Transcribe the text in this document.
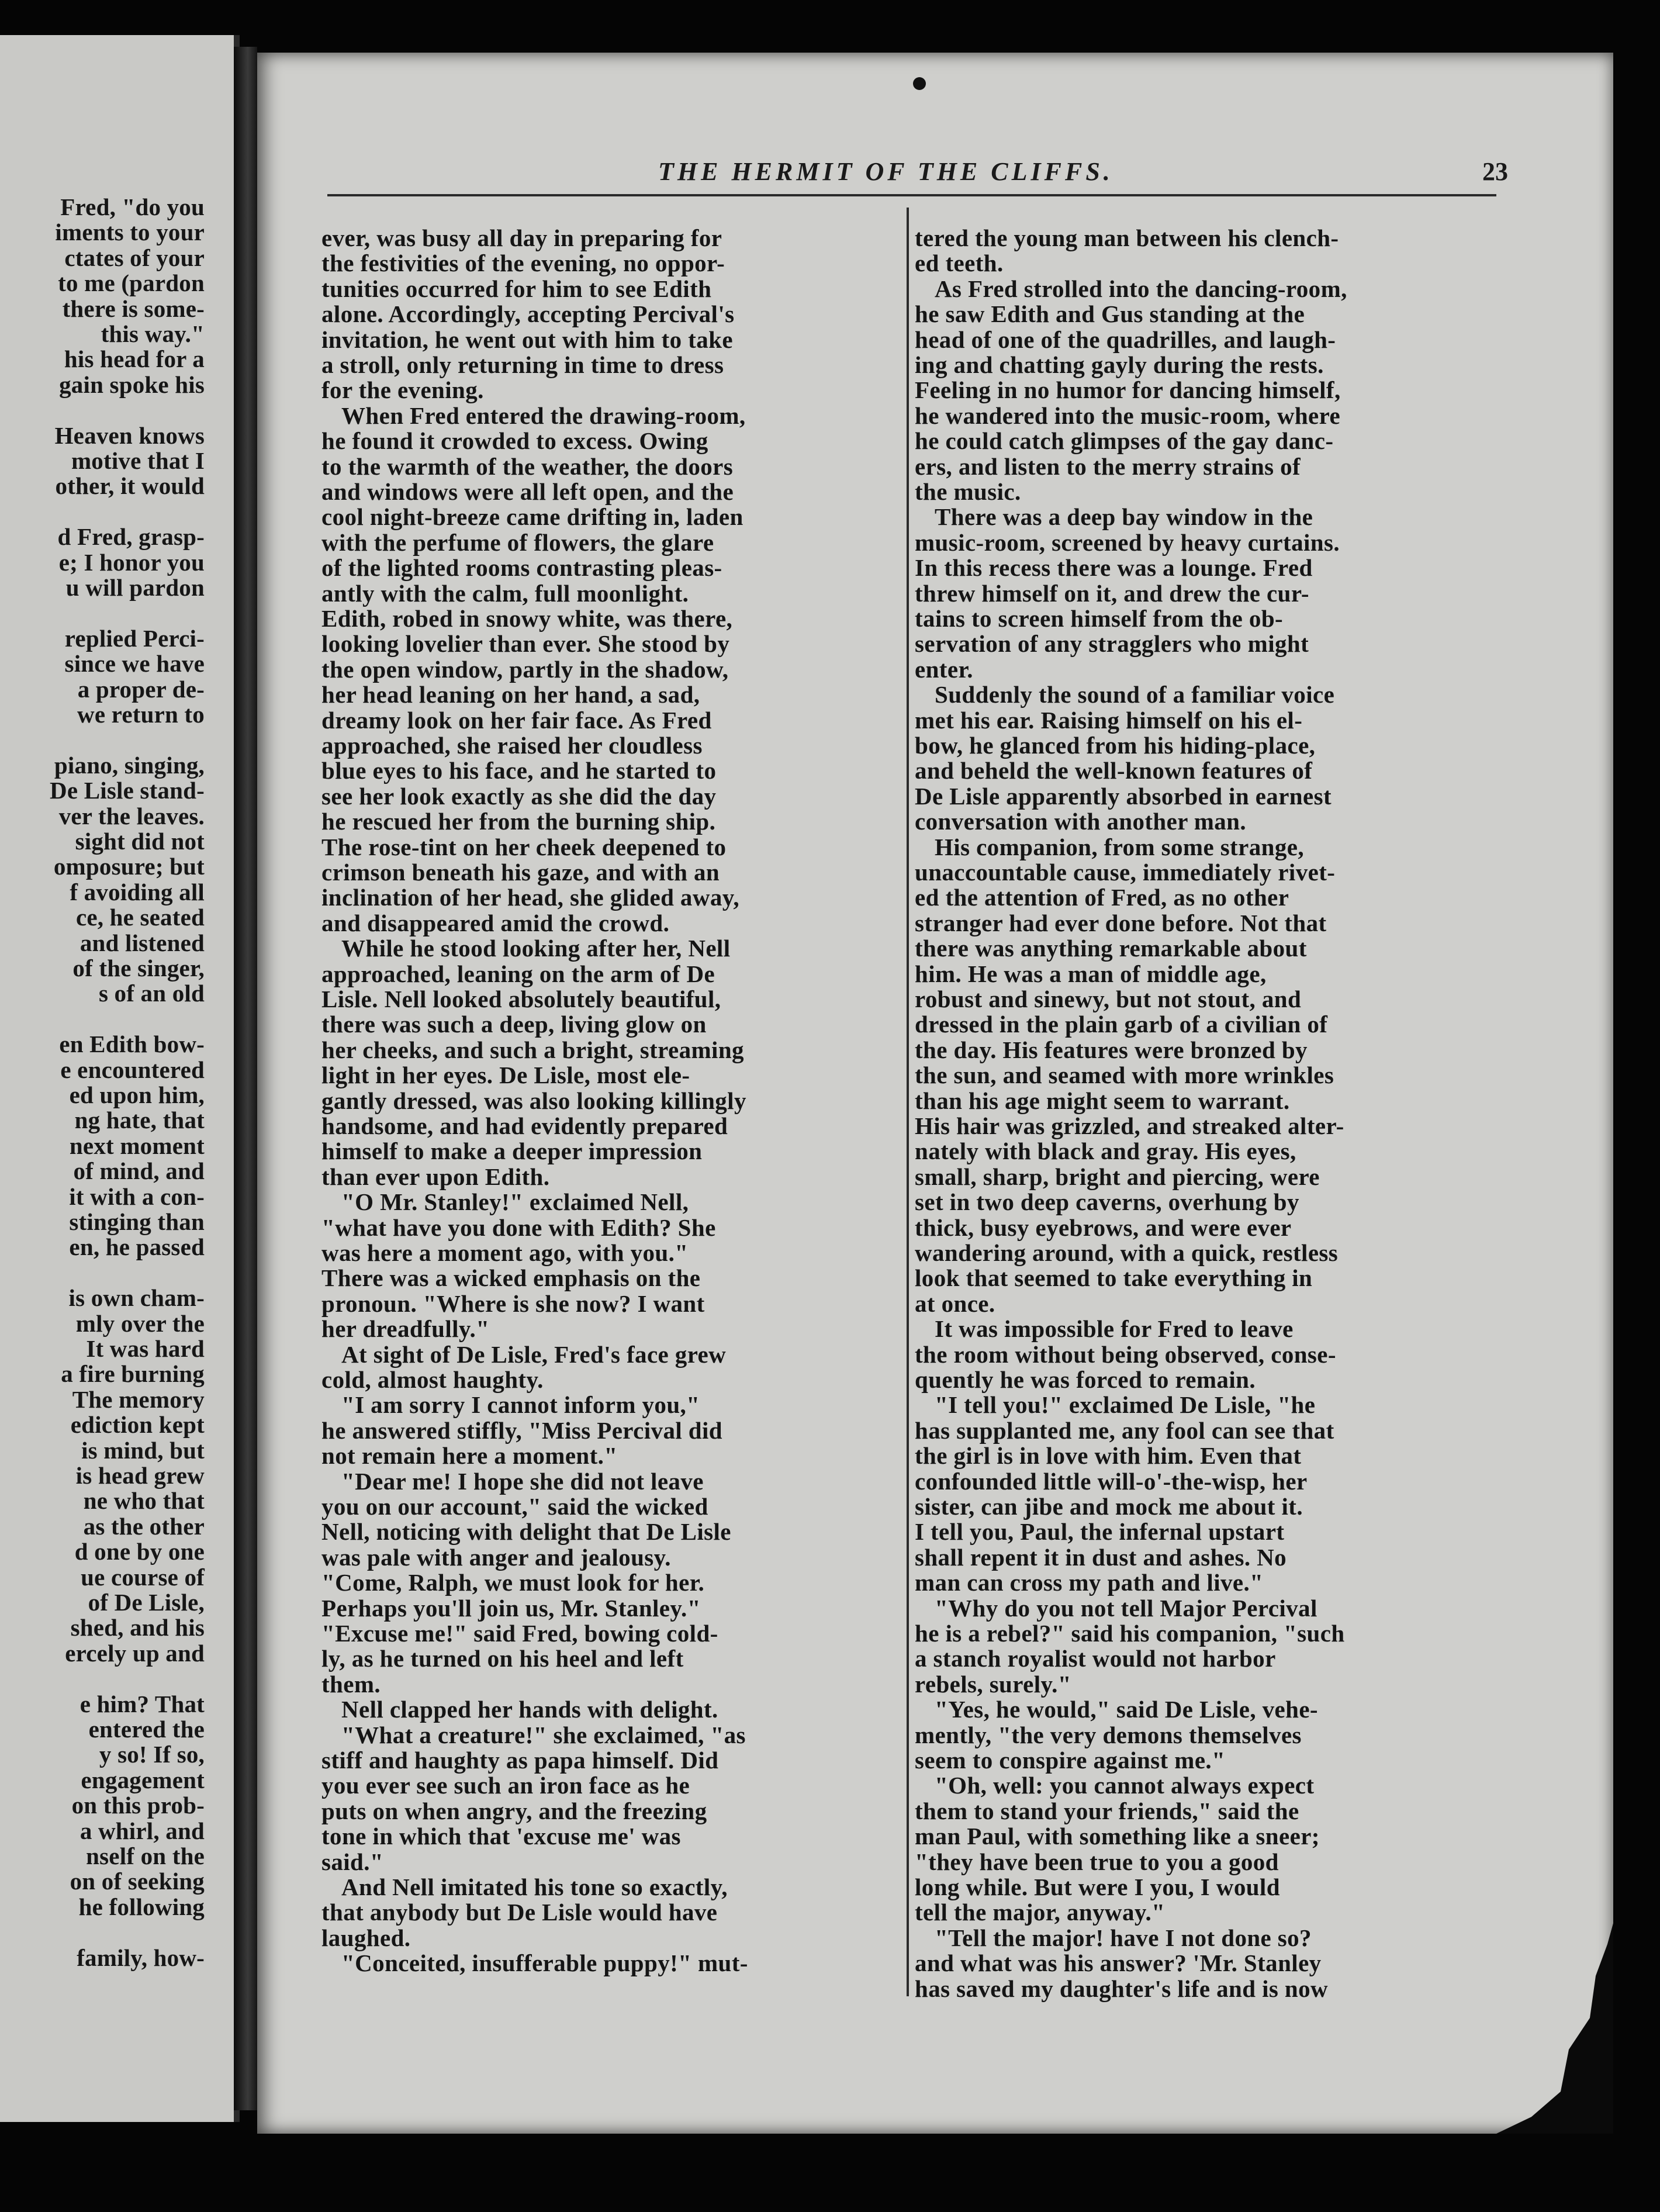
Fred, "do you
iments to your
ctates of your
to me (pardon
there is some-
this way."
his head for a
gain spoke his
Heaven knows
motive that I
other, it would
d Fred, grasp-
e; I honor you
u will pardon
replied Perci-
since we have
a proper de-
we return to
piano, singing,
De Lisle stand-
ver the leaves.
sight did not
omposure; but
f avoiding all
ce, he seated
and listened
of the singer,
s of an old
en Edith bow-
e encountered
ed upon him,
ng hate, that
next moment
of mind, and
it with a con-
stinging than
en, he passed
is own cham-
mly over the
It was hard
a fire burning
The memory
ediction kept
is mind, but
is head grew
ne who that
as the other
d one by one
ue course of
of De Lisle,
shed, and his
ercely up and
e him? That
entered the
y so! If so,
engagement
on this prob-
a whirl, and
nself on the
on of seeking
he following
family, how-
THE HERMIT OF THE CLIFFS.	23
ever, was busy all day in preparing for
the festivities of the evening, no oppor-
tunities occurred for him to see Edith
alone. Accordingly, accepting Percival's
invitation, he went out with him to take
a stroll, only returning in time to dress
for the evening.
When Fred entered the drawing-room,
he found it crowded to excess. Owing
to the warmth of the weather, the doors
and windows were all left open, and the
cool night-breeze came drifting in, laden
with the perfume of flowers, the glare
of the lighted rooms contrasting pleas-
antly with the calm, full moonlight.
Edith, robed in snowy white, was there,
looking lovelier than ever. She stood by
the open window, partly in the shadow,
her head leaning on her hand, a sad,
dreamy look on her fair face. As Fred
approached, she raised her cloudless
blue eyes to his face, and he started to
see her look exactly as she did the day
he rescued her from the burning ship.
The rose-tint on her cheek deepened to
crimson beneath his gaze, and with an
inclination of her head, she glided away,
and disappeared amid the crowd.
While he stood looking after her, Nell
approached, leaning on the arm of De
Lisle. Nell looked absolutely beautiful,
there was such a deep, living glow on
her cheeks, and such a bright, streaming
light in her eyes. De Lisle, most ele-
gantly dressed, was also looking killingly
handsome, and had evidently prepared
himself to make a deeper impression
than ever upon Edith.
"O Mr. Stanley!" exclaimed Nell,
"what have you done with Edith? She
was here a moment ago, with you."
There was a wicked emphasis on the
pronoun. "Where is she now? I want
her dreadfully."
At sight of De Lisle, Fred's face grew
cold, almost haughty.
"I am sorry I cannot inform you,"
he answered stiffly, "Miss Percival did
not remain here a moment."
"Dear me! I hope she did not leave
you on our account," said the wicked
Nell, noticing with delight that De Lisle
was pale with anger and jealousy.
"Come, Ralph, we must look for her.
Perhaps you'll join us, Mr. Stanley."
"Excuse me!" said Fred, bowing cold-
ly, as he turned on his heel and left
them.
Nell clapped her hands with delight.
"What a creature!" she exclaimed, "as
stiff and haughty as papa himself. Did
you ever see such an iron face as he
puts on when angry, and the freezing
tone in which that 'excuse me' was
said."
And Nell imitated his tone so exactly,
that anybody but De Lisle would have
laughed.
"Conceited, insufferable puppy!" mut-
tered the young man between his clench-
ed teeth.
As Fred strolled into the dancing-room,
he saw Edith and Gus standing at the
head of one of the quadrilles, and laugh-
ing and chatting gayly during the rests.
Feeling in no humor for dancing himself,
he wandered into the music-room, where
he could catch glimpses of the gay danc-
ers, and listen to the merry strains of
the music.
There was a deep bay window in the
music-room, screened by heavy curtains.
In this recess there was a lounge. Fred
threw himself on it, and drew the cur-
tains to screen himself from the ob-
servation of any stragglers who might
enter.
Suddenly the sound of a familiar voice
met his ear. Raising himself on his el-
bow, he glanced from his hiding-place,
and beheld the well-known features of
De Lisle apparently absorbed in earnest
conversation with another man.
His companion, from some strange,
unaccountable cause, immediately rivet-
ed the attention of Fred, as no other
stranger had ever done before. Not that
there was anything remarkable about
him. He was a man of middle age,
robust and sinewy, but not stout, and
dressed in the plain garb of a civilian of
the day. His features were bronzed by
the sun, and seamed with more wrinkles
than his age might seem to warrant.
His hair was grizzled, and streaked alter-
nately with black and gray. His eyes,
small, sharp, bright and piercing, were
set in two deep caverns, overhung by
thick, busy eyebrows, and were ever
wandering around, with a quick, restless
look that seemed to take everything in
at once.
It was impossible for Fred to leave
the room without being observed, conse-
quently he was forced to remain.
"I tell you!" exclaimed De Lisle, "he
has supplanted me, any fool can see that
the girl is in love with him. Even that
confounded little will-o'-the-wisp, her
sister, can jibe and mock me about it.
I tell you, Paul, the infernal upstart
shall repent it in dust and ashes. No
man can cross my path and live."
"Why do you not tell Major Percival
he is a rebel?" said his companion, "such
a stanch royalist would not harbor
rebels, surely."
"Yes, he would," said De Lisle, vehe-
mently, "the very demons themselves
seem to conspire against me."
"Oh, well: you cannot always expect
them to stand your friends," said the
man Paul, with something like a sneer;
"they have been true to you a good
long while. But were I you, I would
tell the major, anyway."
"Tell the major! have I not done so?
and what was his answer? 'Mr. Stanley
has saved my daughter's life and is now
